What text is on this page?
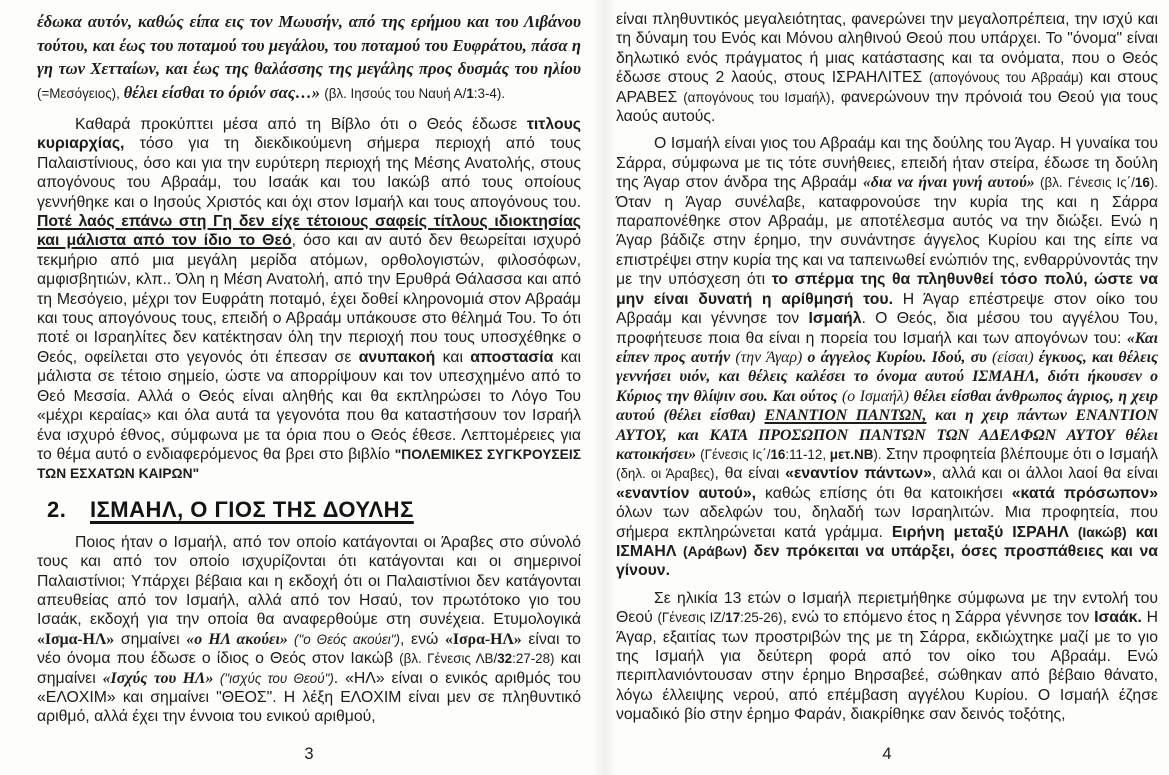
έδωκα αυτόν, καθώς είπα εις τον Μωυσήν, από της ερήμου και του Λιβάνου τούτου, και έως του ποταμού του μεγάλου, του ποταμού του Ευφράτου, πάσα η γη των Χετταίων, και έως της θαλάσσης της μεγάλης προς δυσμάς του ηλίου (=Μεσόγειος), θέλει είσθαι το όριόν σας…» (βλ. Ιησούς του Ναυή Α/1:3-4).

Καθαρά προκύπτει μέσα από τη Βίβλο ότι ο Θεός έδωσε τιτλους κυριαρχίας, τόσο για τη διεκδικούμενη σήμερα περιοχή από τους Παλαιστίνιους, όσο και για την ευρύτερη περιοχή της Μέσης Ανατολής, στους απογόνους του Αβραάμ, του Ισαάκ και του Ιακώβ από τους οποίους γεννήθηκε και ο Ιησούς Χριστός και όχι στον Ισμαήλ και τους απογόνους του. Ποτέ λαός επάνω στη Γη δεν είχε τέτοιους σαφείς τίτλους ιδιοκτησίας και μάλιστα από τον ίδιο το Θεό, όσο και αν αυτό δεν θεωρείται ισχυρό τεκμήριο από μια μεγάλη μερίδα ατόμων, ορθολογιστών, φιλοσόφων, αμφισβητιών, κλπ.. Όλη η Μέση Ανατολή, από την Ερυθρά Θάλασσα και από τη Μεσόγειο, μέχρι τον Ευφράτη ποταμό, έχει δοθεί κληρονομιά στον Αβραάμ και τους απογόνους τους, επειδή ο Αβραάμ υπάκουσε στο θέλημά Του. Το ότι ποτέ οι Ισραηλίτες δεν κατέκτησαν όλη την περιοχή που τους υποσχέθηκε ο Θεός, οφείλεται στο γεγονός ότι έπεσαν σε ανυπακοή και αποστασία και μάλιστα σε τέτοιο σημείο, ώστε να απορρίψουν και τον υπεσχημένο από το Θεό Μεσσία. Αλλά ο Θεός είναι αληθής και θα εκπληρώσει το Λόγο Του «μέχρι κεραίας» και όλα αυτά τα γεγονότα που θα καταστήσουν τον Ισραήλ ένα ισχυρό έθνος, σύμφωνα με τα όρια που ο Θεός έθεσε. Λεπτομέρειες για το θέμα αυτό ο ενδιαφερόμενος θα βρει στο βιβλίο "ΠΟΛΕΜΙΚΕΣ ΣΥΓΚΡΟΥΣΕΙΣ ΤΩΝ ΕΣΧΑΤΩΝ ΚΑΙΡΩΝ"

2. ΙΣΜΑΗΛ, Ο ΓΙΟΣ ΤΗΣ ΔΟΥΛΗΣ

Ποιος ήταν ο Ισμαήλ, από τον οποίο κατάγονται οι Άραβες στο σύνολό τους και από τον οποίο ισχυρίζονται ότι κατάγονται και οι σημερινοί Παλαιστίνιοι; Υπάρχει βέβαια και η εκδοχή ότι οι Παλαιστίνιοι δεν κατάγονται απευθείας από τον Ισμαήλ, αλλά από τον Ησαύ, τον πρωτότοκο γιο του Ισαάκ, εκδοχή για την οποία θα αναφερθούμε στη συνέχεια. Ετυμολογικά «Ισμα-ΗΛ» σημαίνει «ο ΗΛ ακούει» ("ο Θεός ακούει"), ενώ «Ισρα-ΗΛ» είναι το νέο όνομα που έδωσε ο ίδιος ο Θεός στον Ιακώβ (βλ. Γένεσις ΛΒ/32:27-28) και σημαίνει «Ισχύς του ΗΛ» ("ισχύς του Θεού"). «ΗΛ» είναι ο ενικός αριθμός του «ΕΛΟΧΙΜ» και σημαίνει "ΘΕΟΣ". Η λέξη ΕΛΟΧΙΜ είναι μεν σε πληθυντικό αριθμό, αλλά έχει την έννοια του ενικού αριθμού,

3

είναι πληθυντικός μεγαλειότητας, φανερώνει την μεγαλοπρέπεια, την ισχύ και τη δύναμη του Ενός και Μόνου αληθινού Θεού που υπάρχει. Το "όνομα" είναι δηλωτικό ενός πράγματος ή μιας κατάστασης και τα ονόματα, που ο Θεός έδωσε στους 2 λαούς, στους ΙΣΡΑΗΛΙΤΕΣ (απογόνους του Αβραάμ) και στους ΑΡΑΒΕΣ (απογόνους του Ισμαήλ), φανερώνουν την πρόνοιά του Θεού για τους λαούς αυτούς.

Ο Ισμαήλ είναι γιος του Αβραάμ και της δούλης του Άγαρ. Η γυναίκα του Σάρρα, σύμφωνα με τις τότε συνήθειες, επειδή ήταν στείρα, έδωσε τη δούλη της Άγαρ στον άνδρα της Αβραάμ «δια να ήναι γυνή αυτού» (βλ. Γένεσις Ις΄/16). Όταν η Άγαρ συνέλαβε, καταφρονούσε την κυρία της και η Σάρρα παραπονέθηκε στον Αβραάμ, με αποτέλεσμα αυτός να την διώξει. Ενώ η Άγαρ βάδιζε στην έρημο, την συνάντησε άγγελος Κυρίου και της είπε να επιστρέψει στην κυρία της και να ταπεινωθεί ενώπιόν της, ενθαρρύνοντάς την με την υπόσχεση ότι το σπέρμα της θα πληθυνθεί τόσο πολύ, ώστε να μην είναι δυνατή η αρίθμησή του. Η Άγαρ επέστρεψε στον οίκο του Αβραάμ και γέννησε τον Ισμαήλ. Ο Θεός, δια μέσου του αγγέλου Του, προφήτευσε ποια θα είναι η πορεία του Ισμαήλ και των απογόνων του: «Και είπεν προς αυτήν (την Άγαρ) ο άγγελος Κυρίου. Ιδού, συ (είσαι) έγκυος, και θέλεις γεννήσει υιόν, και θέλεις καλέσει το όνομα αυτού ΙΣΜΑΗΛ, διότι ήκουσεν ο Κύριος την θλίψιν σου. Και ούτος (ο Ισμαήλ) θέλει είσθαι άνθρωπος άγριος, η χειρ αυτού (θέλει είσθαι) ΕΝΑΝΤΙΟΝ ΠΑΝΤΩΝ, και η χειρ πάντων ΕΝΑΝΤΙΟΝ ΑΥΤΟΥ, και ΚΑΤΑ ΠΡΟΣΩΠΟΝ ΠΑΝΤΩΝ ΤΩΝ ΑΔΕΛΦΩΝ ΑΥΤΟΥ θέλει κατοικήσει» (Γένεσις Ις΄/16:11-12, μετ.ΝΒ). Στην προφητεία βλέπουμε ότι ο Ισμαήλ (δηλ. οι Άραβες), θα είναι «εναντίον πάντων», αλλά και οι άλλοι λαοί θα είναι «εναντίον αυτού», καθώς επίσης ότι θα κατοικήσει «κατά πρόσωπον» όλων των αδελφών του, δηλαδή των Ισραηλιτών. Μια προφητεία, που σήμερα εκπληρώνεται κατά γράμμα. Ειρήνη μεταξύ ΙΣΡΑΗΛ (Ιακώβ) και ΙΣΜΑΗΛ (Αράβων) δεν πρόκειται να υπάρξει, όσες προσπάθειες και να γίνουν.

Σε ηλικία 13 ετών ο Ισμαήλ περιετμήθηκε σύμφωνα με την εντολή του Θεού (Γένεσις ΙΖ/17:25-26), ενώ το επόμενο έτος η Σάρρα γέννησε τον Ισαάκ. Η Άγαρ, εξαιτίας των προστριβών της με τη Σάρρα, εκδιώχτηκε μαζί με το γιο της Ισμαήλ για δεύτερη φορά από τον οίκο του Αβραάμ. Ενώ περιπλανιόντουσαν στην έρημο Βηρσαβεέ, σώθηκαν από βέβαιο θάνατο, λόγω έλλειψης νερού, από επέμβαση αγγέλου Κυρίου. Ο Ισμαήλ έζησε νομαδικό βίο στην έρημο Φαράν, διακρίθηκε σαν δεινός τοξότης,

4
